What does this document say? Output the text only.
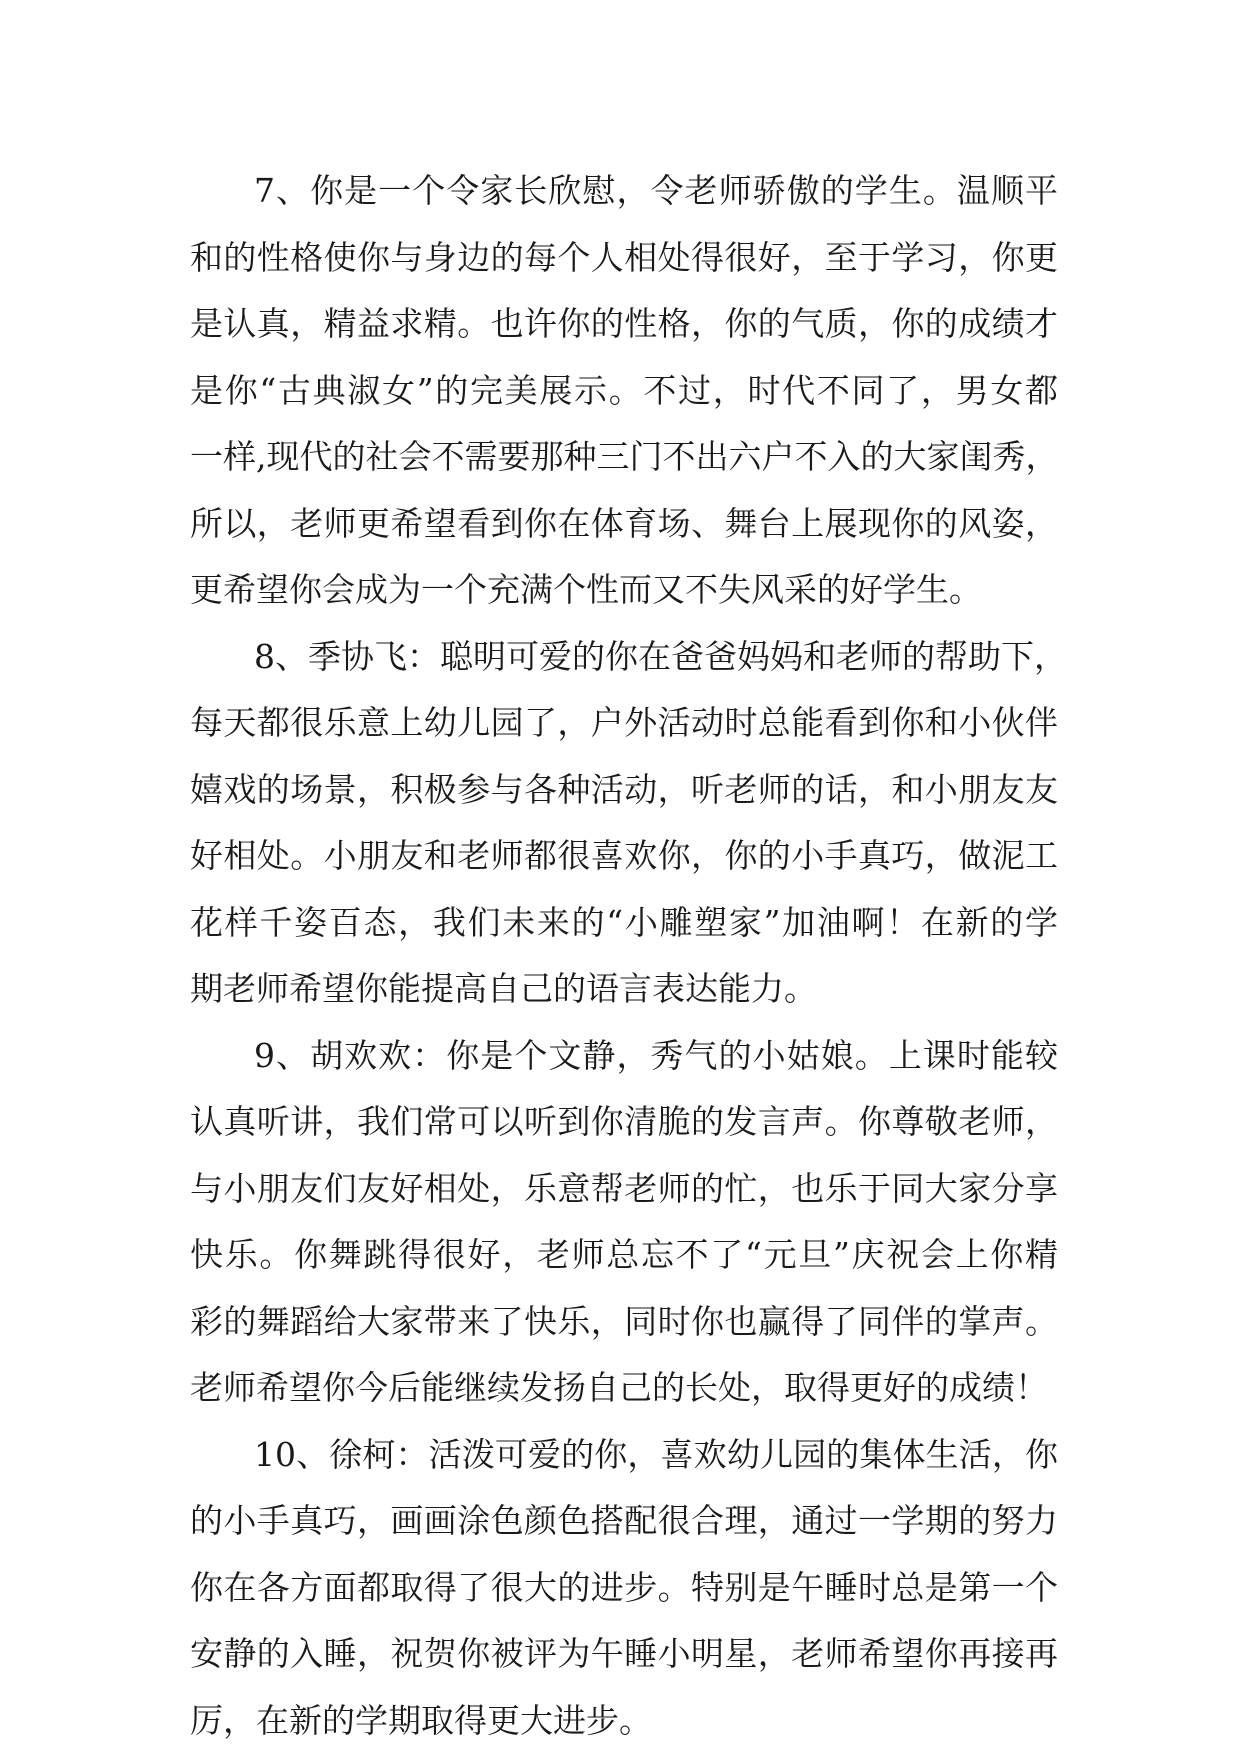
7、你是一个令家长欣慰，令老师骄傲的学生。温顺平
和的性格使你与身边的每个人相处得很好，至于学习，你更
是认真，精益求精。也许你的性格，你的气质，你的成绩才
是你“古典淑女”的完美展示。不过，时代不同了，男女都
一样,现代的社会不需要那种三门不出六户不入的大家闺秀，
所以，老师更希望看到你在体育场、舞台上展现你的风姿，
更希望你会成为一个充满个性而又不失风采的好学生。
8、季协飞：聪明可爱的你在爸爸妈妈和老师的帮助下，
每天都很乐意上幼儿园了，户外活动时总能看到你和小伙伴
嬉戏的场景，积极参与各种活动，听老师的话，和小朋友友
好相处。小朋友和老师都很喜欢你，你的小手真巧，做泥工
花样千姿百态，我们未来的“小雕塑家”加油啊！在新的学
期老师希望你能提高自己的语言表达能力。
9、胡欢欢：你是个文静，秀气的小姑娘。上课时能较
认真听讲，我们常可以听到你清脆的发言声。你尊敬老师，
与小朋友们友好相处，乐意帮老师的忙，也乐于同大家分享
快乐。你舞跳得很好，老师总忘不了“元旦”庆祝会上你精
彩的舞蹈给大家带来了快乐，同时你也赢得了同伴的掌声。
老师希望你今后能继续发扬自己的长处，取得更好的成绩！
10、徐柯：活泼可爱的你，喜欢幼儿园的集体生活，你
的小手真巧，画画涂色颜色搭配很合理，通过一学期的努力
你在各方面都取得了很大的进步。特别是午睡时总是第一个
安静的入睡，祝贺你被评为午睡小明星，老师希望你再接再
厉，在新的学期取得更大进步。
